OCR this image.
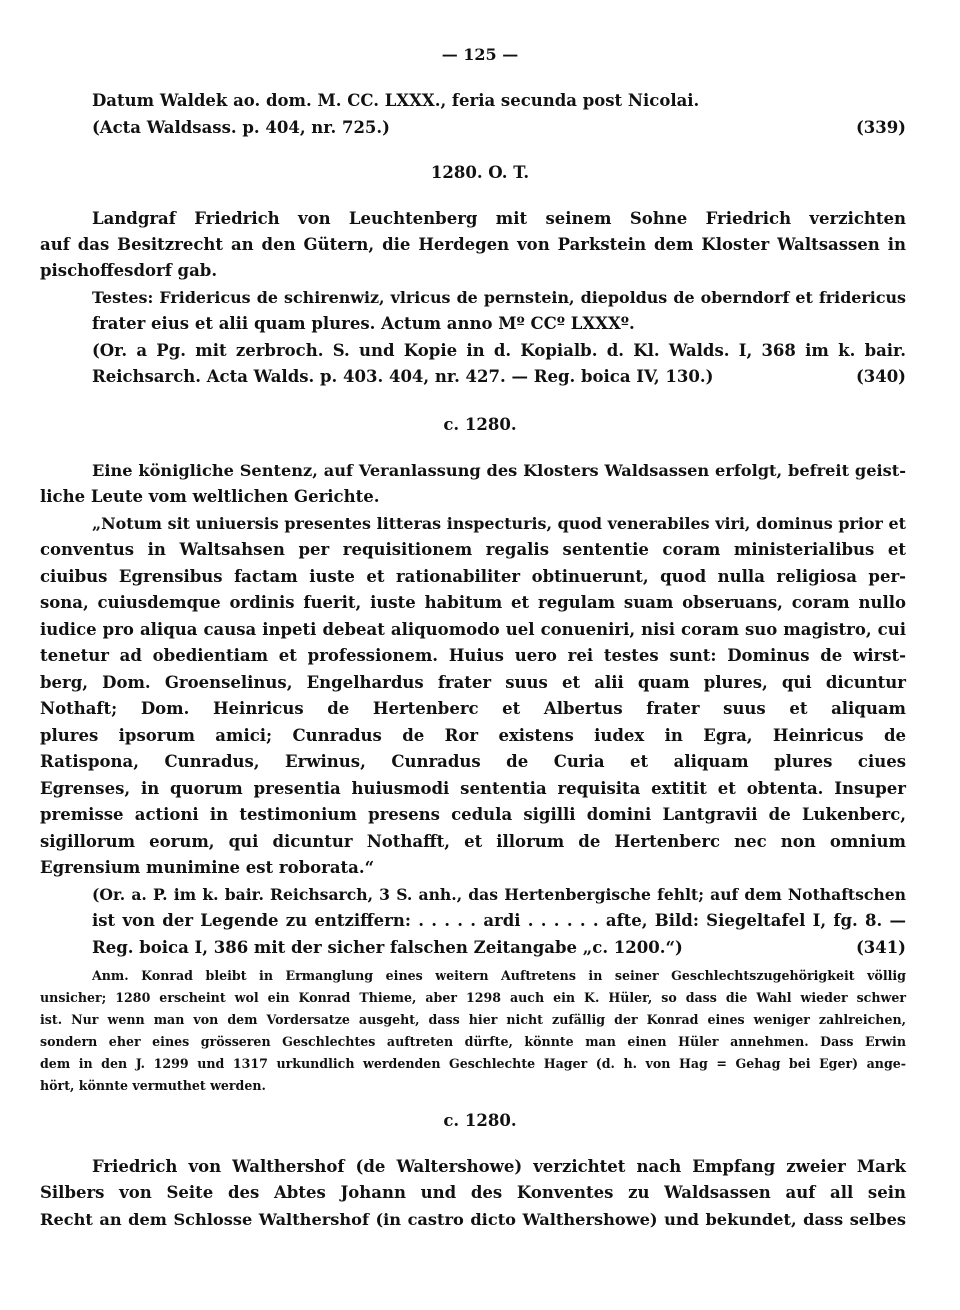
— 125 —
Datum Waldek ao. dom. M. CC. LXXX., feria secunda post Nicolai.
(Acta Waldsass. p. 404, nr. 725.)	(339)
1280. O. T.
Landgraf Friedrich von Leuchtenberg mit seinem Sohne Friedrich verzichten
auf das Besitzrecht an den Gütern, die Herdegen von Parkstein dem Kloster Waltsassen in
pischoffesdorf gab.
Testes: Fridericus de schirenwiz, vlricus de pernstein, diepoldus de oberndorf et fridericus
frater eius et alii quam plures. Actum anno Mº CCº LXXXº.
(Or. a Pg. mit zerbroch. S. und Kopie in d. Kopialb. d. Kl. Walds. I, 368 im k. bair.
Reichsarch. Acta Walds. p. 403. 404, nr. 427. — Reg. boica IV, 130.)	(340)
c. 1280.
Eine königliche Sentenz, auf Veranlassung des Klosters Waldsassen erfolgt, befreit geist-
liche Leute vom weltlichen Gerichte.
„Notum sit uniuersis presentes litteras inspecturis, quod venerabiles viri, dominus prior et
conventus in Waltsahsen per requisitionem regalis sententie coram ministerialibus et
ciuibus Egrensibus factam iuste et rationabiliter obtinuerunt, quod nulla religiosa per-
sona, cuiusdemque ordinis fuerit, iuste habitum et regulam suam obseruans, coram nullo
iudice pro aliqua causa inpeti debeat aliquomodo uel conueniri, nisi coram suo magistro, cui
tenetur ad obedientiam et professionem. Huius uero rei testes sunt: Dominus de wirst-
berg, Dom. Groenselinus, Engelhardus frater suus et alii quam plures, qui dicuntur
Nothaft; Dom. Heinricus de Hertenberc et Albertus frater suus et aliquam
plures ipsorum amici; Cunradus de Ror existens iudex in Egra, Heinricus de
Ratispona, Cunradus, Erwinus, Cunradus de Curia et aliquam plures ciues
Egrenses, in quorum presentia huiusmodi sententia requisita extitit et obtenta. Insuper
premisse actioni in testimonium presens cedula sigilli domini Lantgravii de Lukenberc,
sigillorum eorum, qui dicuntur Nothafft, et illorum de Hertenberc nec non omnium
Egrensium munimine est roborata.“
(Or. a. P. im k. bair. Reichsarch, 3 S. anh., das Hertenbergische fehlt; auf dem Nothaftschen
ist von der Legende zu entziffern: . . . . . ardi . . . . . . afte, Bild: Siegeltafel I, fg. 8. —
Reg. boica I, 386 mit der sicher falschen Zeitangabe „c. 1200.“)	(341)
Anm. Konrad bleibt in Ermanglung eines weitern Auftretens in seiner Geschlechtszugehörigkeit völlig
unsicher; 1280 erscheint wol ein Konrad Thieme, aber 1298 auch ein K. Hüler, so dass die Wahl wieder schwer
ist. Nur wenn man von dem Vordersatze ausgeht, dass hier nicht zufällig der Konrad eines weniger zahlreichen,
sondern eher eines grösseren Geschlechtes auftreten dürfte, könnte man einen Hüler annehmen. Dass Erwin
dem in den J. 1299 und 1317 urkundlich werdenden Geschlechte Hager (d. h. von Hag = Gehag bei Eger) ange-
hört, könnte vermuthet werden.
c. 1280.
Friedrich von Walthershof (de Waltershowe) verzichtet nach Empfang zweier Mark
Silbers von Seite des Abtes Johann und des Konventes zu Waldsassen auf all sein
Recht an dem Schlosse Walthershof (in castro dicto Walthershowe) und bekundet, dass selbes
